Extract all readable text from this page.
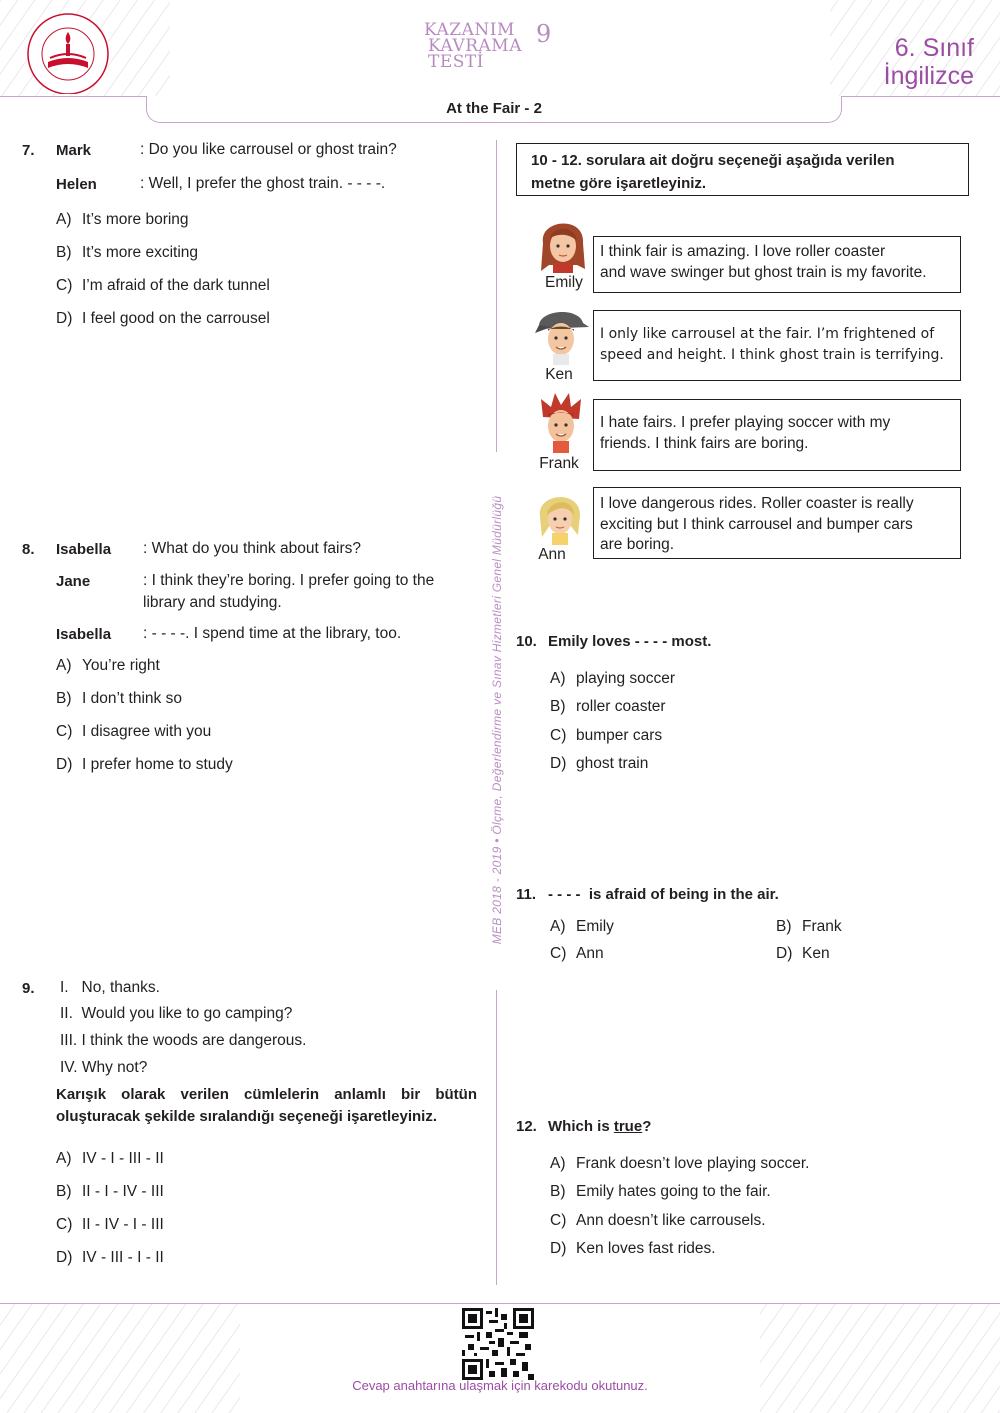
KAZANIM
KAVRAMA
TESTİ
9	6. Sınıf
İngilizce
At the Fair - 2
MEB 2018 - 2019 • Ölçme, Değerlendirme ve Sınav Hizmetleri Genel Müdürlüğü
7. Mark	: Do you like carrousel or ghost train?
Helen	: Well, I prefer the ghost train. - - - -.
A) It’s more boring
B) It’s more exciting
C) I’m afraid of the dark tunnel
D) I feel good on the carrousel
8. Isabella : What do you think about fairs?
Jane	: I think they’re boring. I prefer going to the
library and studying.
Isabella : - - - -. I spend time at the library, too.
A) You’re right
B) I don’t think so
C) I disagree with you
D) I prefer home to study
9. I.   No, thanks.
II.  Would you like to go camping?
III. I think the woods are dangerous.
IV. Why not?
Karışık olarak verilen cümlelerin anlamlı bir bütün
oluşturacak şekilde sıralandığı seçeneği işaretleyiniz.
A) IV - I - III - II
B) II - I - IV - III
C) II - IV - I - III
D) IV - III - I - II
10 - 12. sorulara ait doğru seçeneği aşağıda verilen
metne göre işaretleyiniz.
Emily
I think fair is amazing. I love roller coaster
and wave swinger but ghost train is my favorite.
Ken
I only like carrousel at the fair. I’m frightened of
speed and height. I think ghost train is terrifying.
Frank
I hate fairs. I prefer playing soccer with my
friends. I think fairs are boring.
Ann
I love dangerous rides. Roller coaster is really
exciting but I think carrousel and bumper cars
are boring.
10. Emily loves - - - - most.
A) playing soccer
B) roller coaster
C) bumper cars
D) ghost train
11. - - - -  is afraid of being in the air.
A) Emily	B) Frank
C) Ann	D) Ken
12. Which is true?
A) Frank doesn’t love playing soccer.
B) Emily hates going to the fair.
C) Ann doesn’t like carrousels.
D) Ken loves fast rides.
Cevap anahtarına ulaşmak için karekodu okutunuz.
